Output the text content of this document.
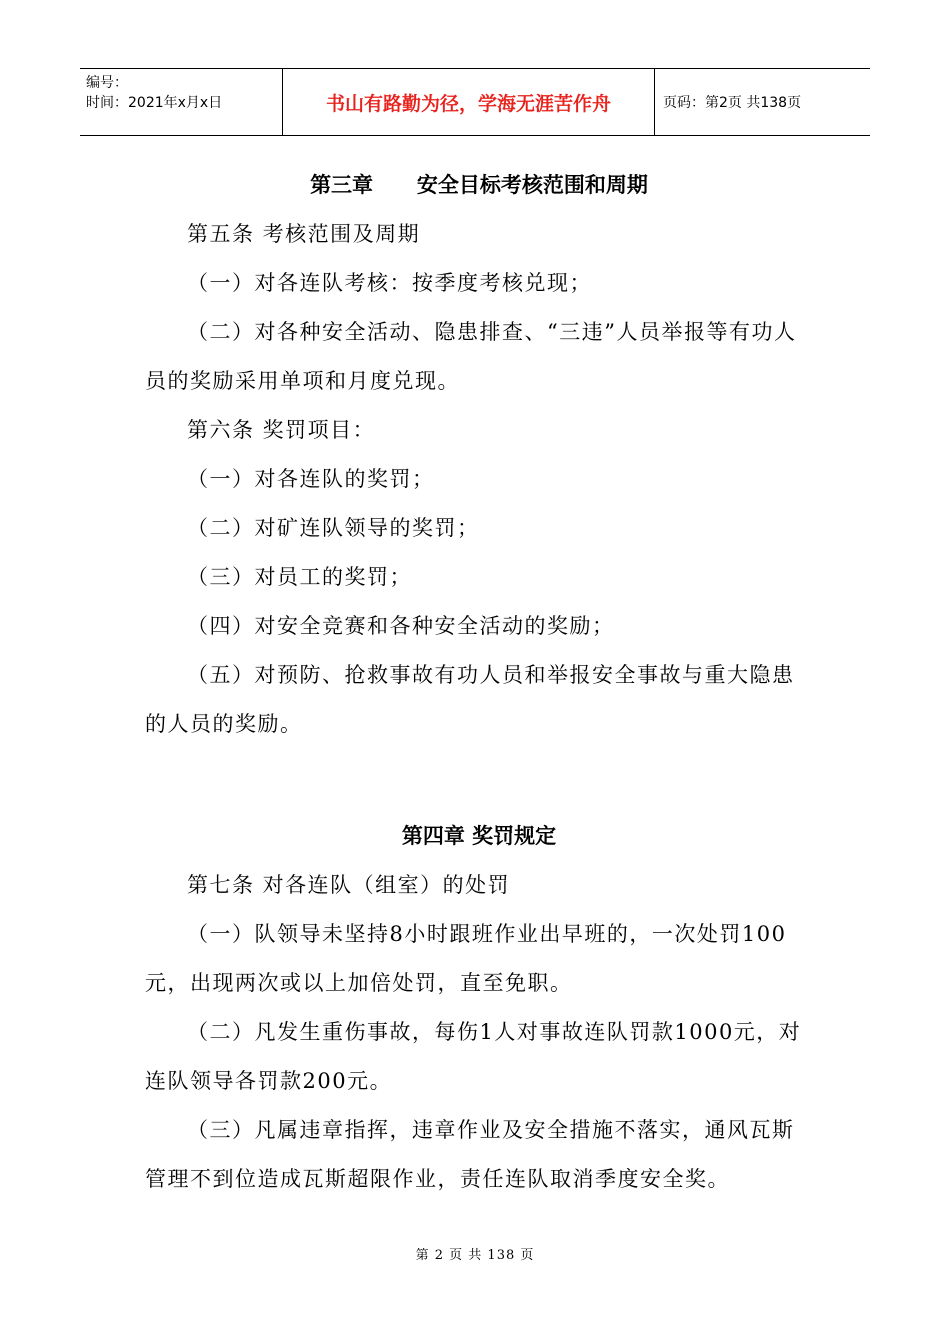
编号：
时间：2021年x月x日	书山有路勤为径，学海无涯苦作舟	页码：第2页 共138页
第三章      安全目标考核范围和周期

第五条 考核范围及周期

（一）对各连队考核：按季度考核兑现；

（二）对各种安全活动、隐患排查、“三违”人员举报等有功人员的奖励采用单项和月度兑现。

第六条 奖罚项目：

（一）对各连队的奖罚；

（二）对矿连队领导的奖罚；

（三）对员工的奖罚；

（四）对安全竞赛和各种安全活动的奖励；

（五）对预防、抢救事故有功人员和举报安全事故与重大隐患的人员的奖励。

第四章 奖罚规定

第七条 对各连队（组室）的处罚

（一）队领导未坚持8小时跟班作业出早班的，一次处罚100元，出现两次或以上加倍处罚，直至免职。

（二）凡发生重伤事故，每伤1人对事故连队罚款1000元，对连队领导各罚款200元。

（三）凡属违章指挥，违章作业及安全措施不落实，通风瓦斯管理不到位造成瓦斯超限作业，责任连队取消季度安全奖。

第 2 页 共 138 页
